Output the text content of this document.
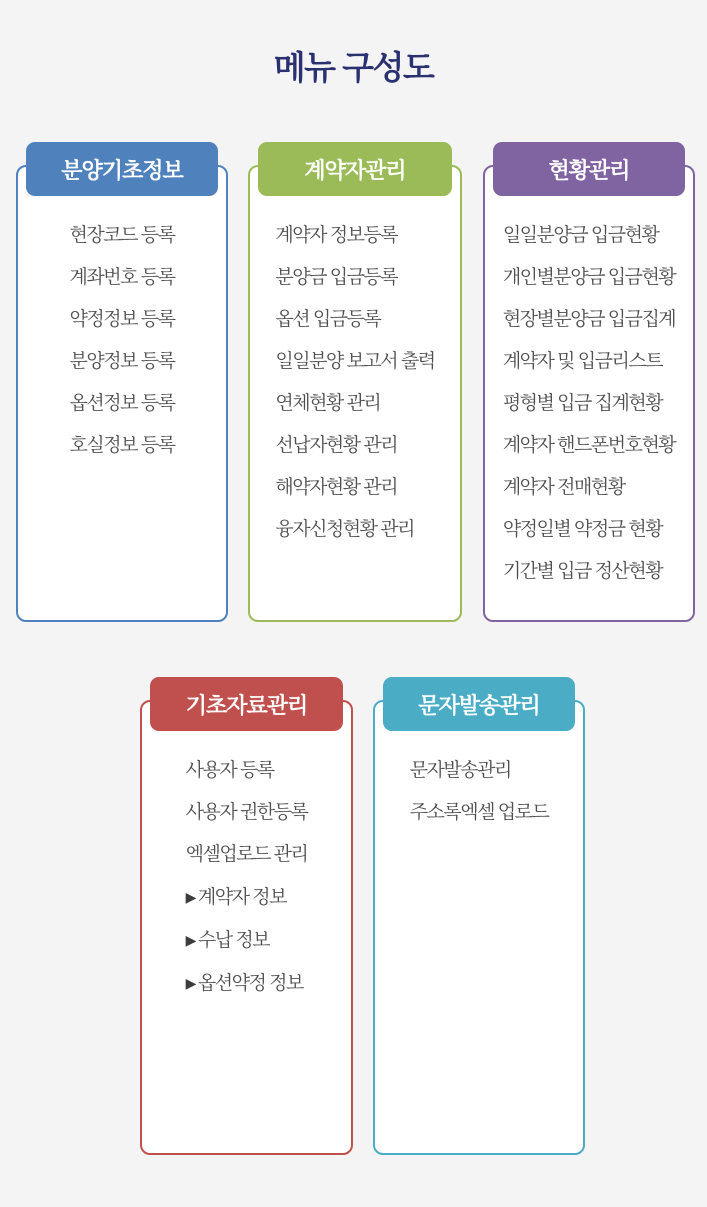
메뉴 구성도
분양기초정보
현장코드 등록
계좌번호 등록
약정정보 등록
분양정보 등록
옵션정보 등록
호실정보 등록
계약자관리
계약자 정보등록
분양금 입금등록
옵션 입금등록
일일분양 보고서 출력
연체현황 관리
선납자현황 관리
해약자현황 관리
융자신청현황 관리
현황관리
일일분양금 입금현황
개인별분양금 입금현황
현장별분양금 입금집계
계약자 및 입금리스트
평형별 입금 집계현황
계약자 핸드폰번호현황
계약자 전매현황
약정일별 약정금 현황
기간별 입금 정산현황
기초자료관리
사용자 등록
사용자 권한등록
엑셀업로드 관리
▶ 계약자 정보
▶ 수납 정보
▶ 옵션약정 정보
문자발송관리
문자발송관리
주소록엑셀 업로드
